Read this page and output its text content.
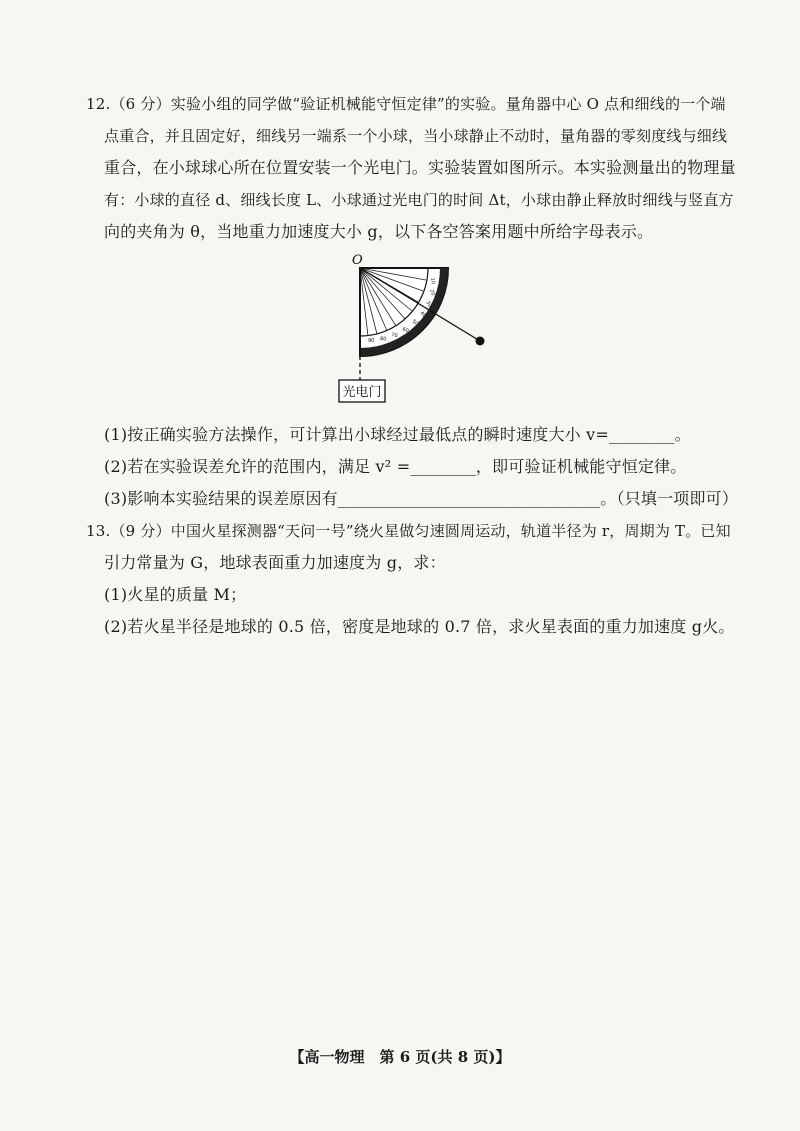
12.（6 分）实验小组的同学做“验证机械能守恒定律”的实验。量角器中心 O 点和细线的一个端
点重合，并且固定好，细线另一端系一个小球，当小球静止不动时，量角器的零刻度线与细线
重合，在小球球心所在位置安装一个光电门。实验装置如图所示。本实验测量出的物理量
有：小球的直径 d、细线长度 L、小球通过光电门的时间 Δt，小球由静止释放时细线与竖直方
向的夹角为 θ，当地重力加速度大小 g，以下各空答案用题中所给字母表示。
O
10
20
30
40
50
60
70
80
90
光电门
(1)按正确实验方法操作，可计算出小球经过最低点的瞬时速度大小 v=________。
(2)若在实验误差允许的范围内，满足 v² =________，即可验证机械能守恒定律。
(3)影响本实验结果的误差原因有________________________________。（只填一项即可）
13.（9 分）中国火星探测器“天问一号”绕火星做匀速圆周运动，轨道半径为 r，周期为 T。已知
引力常量为 G，地球表面重力加速度为 g，求：
(1)火星的质量 M；
(2)若火星半径是地球的 0.5 倍，密度是地球的 0.7 倍，求火星表面的重力加速度 g火。
【高一物理　第 6 页(共 8 页)】
